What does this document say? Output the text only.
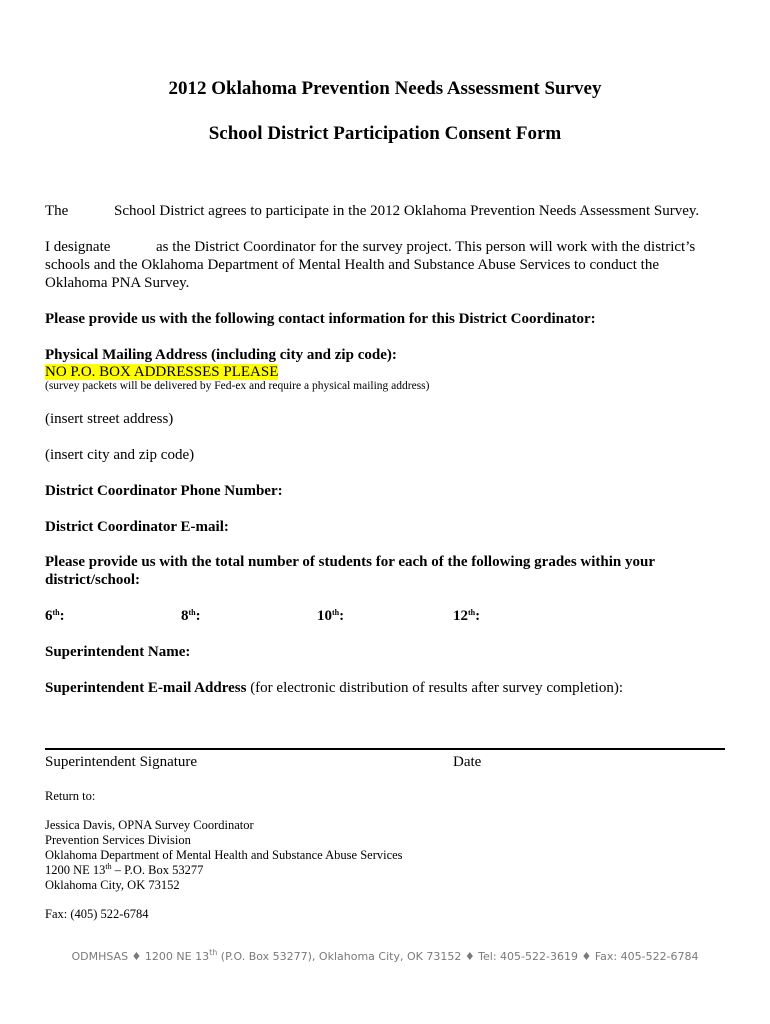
2012 Oklahoma Prevention Needs Assessment Survey
School District Participation Consent Form
The	School District agrees to participate in the 2012 Oklahoma Prevention Needs Assessment Survey.
I designate	as the District Coordinator for the survey project. This person will work with the district’s
schools and the Oklahoma Department of Mental Health and Substance Abuse Services to conduct the
Oklahoma PNA Survey.
Please provide us with the following contact information for this District Coordinator:
Physical Mailing Address (including city and zip code):
NO P.O. BOX ADDRESSES PLEASE
(survey packets will be delivered by Fed-ex and require a physical mailing address)
(insert street address)
(insert city and zip code)
District Coordinator Phone Number:
District Coordinator E-mail:
Please provide us with the total number of students for each of the following grades within your
district/school:
6th:	8th:	10th:	12th:
Superintendent Name:
Superintendent E-mail Address (for electronic distribution of results after survey completion):
Superintendent Signature	Date
Return to:
Jessica Davis, OPNA Survey Coordinator
Prevention Services Division
Oklahoma Department of Mental Health and Substance Abuse Services
1200 NE 13th – P.O. Box 53277
Oklahoma City, OK 73152
Fax: (405) 522-6784
ODMHSAS ♦ 1200 NE 13th (P.O. Box 53277), Oklahoma City, OK 73152 ♦ Tel: 405-522-3619 ♦ Fax: 405-522-6784
